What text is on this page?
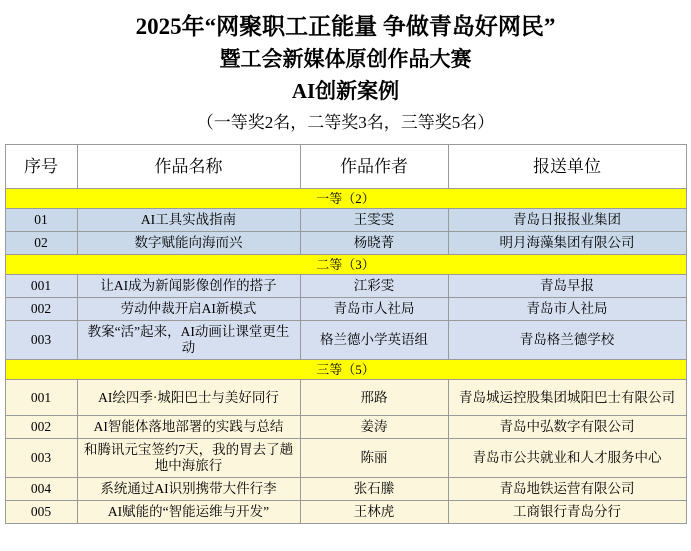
2025年“网聚职工正能量 争做青岛好网民”
暨工会新媒体原创作品大赛
AI创新案例
（一等奖2名，二等奖3名，三等奖5名）
序号	作品名称	作品作者	报送单位
一等（2）			
01	AI工具实战指南	王雯雯	青岛日报报业集团
02	数字赋能向海而兴	杨晓菁	明月海藻集团有限公司
二等（3）			
001	让AI成为新闻影像创作的搭子	江彩雯	青岛早报
002	劳动仲裁开启AI新模式	青岛市人社局	青岛市人社局
003	教案“活”起来，AI动画让课堂更生动	格兰德小学英语组	青岛格兰德学校
三等（5）			
001	AI绘四季·城阳巴士与美好同行	邢路	青岛城运控股集团城阳巴士有限公司
002	AI智能体落地部署的实践与总结	姜涛	青岛中弘数字有限公司
003	和腾讯元宝签约7天，我的胃去了趟地中海旅行	陈丽	青岛市公共就业和人才服务中心
004	系统通过AI识别携带大件行李	张石縢	青岛地铁运营有限公司
005	AI赋能的“智能运维与开发”	王林虎	工商银行青岛分行
